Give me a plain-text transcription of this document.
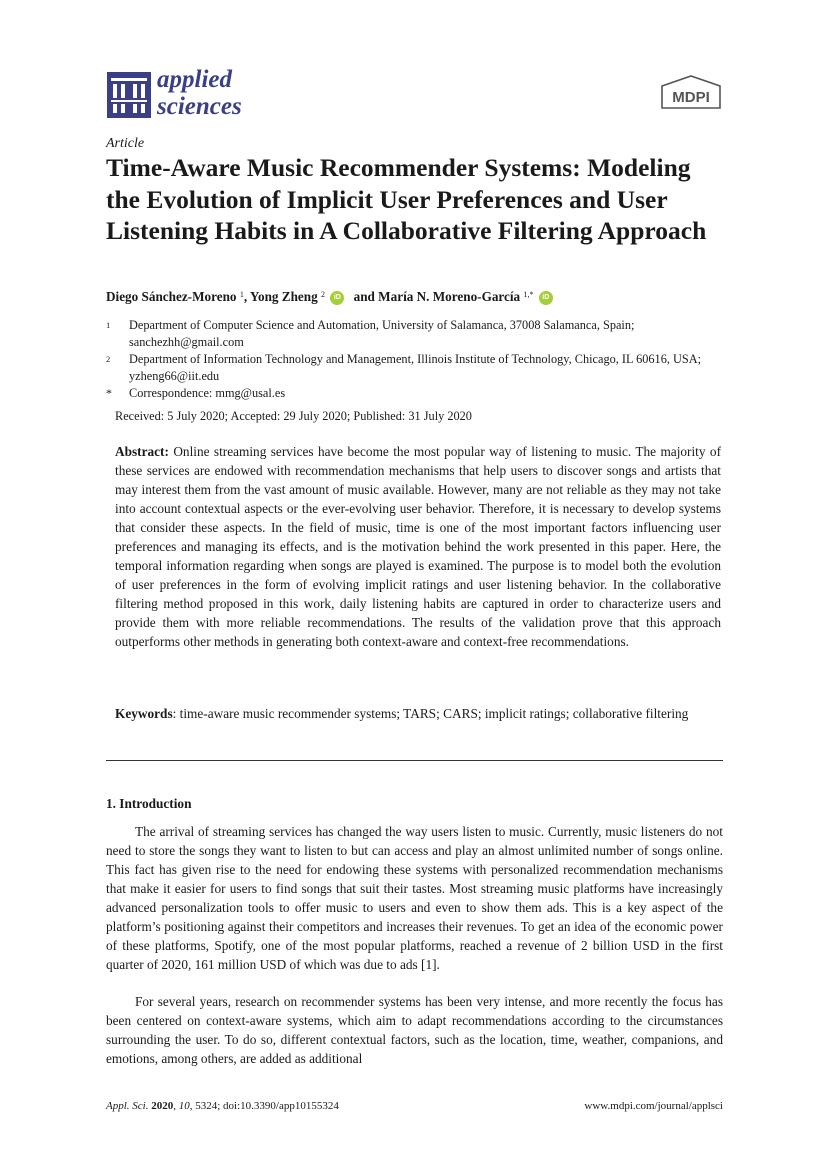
applied
sciences	MDPI
Article
Time-Aware Music Recommender Systems: Modeling the Evolution of Implicit User Preferences and User Listening Habits in A Collaborative Filtering Approach
Diego Sánchez-Moreno $^1$, Yong Zheng $^2$ iD and María N. Moreno-García $^{1,*}$ iD
1 Department of Computer Science and Automation, University of Salamanca, 37008 Salamanca, Spain; sanchezhh@gmail.com
2 Department of Information Technology and Management, Illinois Institute of Technology, Chicago, IL 60616, USA; yzheng66@iit.edu
* Correspondence: mmg@usal.es
Received: 5 July 2020; Accepted: 29 July 2020; Published: 31 July 2020
Abstract: Online streaming services have become the most popular way of listening to music. The majority of these services are endowed with recommendation mechanisms that help users to discover songs and artists that may interest them from the vast amount of music available. However, many are not reliable as they may not take into account contextual aspects or the ever-evolving user behavior. Therefore, it is necessary to develop systems that consider these aspects. In the field of music, time is one of the most important factors influencing user preferences and managing its effects, and is the motivation behind the work presented in this paper. Here, the temporal information regarding when songs are played is examined. The purpose is to model both the evolution of user preferences in the form of evolving implicit ratings and user listening behavior. In the collaborative filtering method proposed in this work, daily listening habits are captured in order to characterize users and provide them with more reliable recommendations. The results of the validation prove that this approach outperforms other methods in generating both context-aware and context-free recommendations.
Keywords: time-aware music recommender systems; TARS; CARS; implicit ratings; collaborative filtering
1. Introduction
The arrival of streaming services has changed the way users listen to music. Currently, music listeners do not need to store the songs they want to listen to but can access and play an almost unlimited number of songs online. This fact has given rise to the need for endowing these systems with personalized recommendation mechanisms that make it easier for users to find songs that suit their tastes. Most streaming music platforms have increasingly advanced personalization tools to offer music to users and even to show them ads. This is a key aspect of the platform’s positioning against their competitors and increases their revenues. To get an idea of the economic power of these platforms, Spotify, one of the most popular platforms, reached a revenue of 2 billion USD in the first quarter of 2020, 161 million USD of which was due to ads [1].
For several years, research on recommender systems has been very intense, and more recently the focus has been centered on context-aware systems, which aim to adapt recommendations according to the circumstances surrounding the user. To do so, different contextual factors, such as the location, time, weather, companions, and emotions, among others, are added as additional
Appl. Sci. 2020, 10, 5324; doi:10.3390/app10155324	www.mdpi.com/journal/applsci
